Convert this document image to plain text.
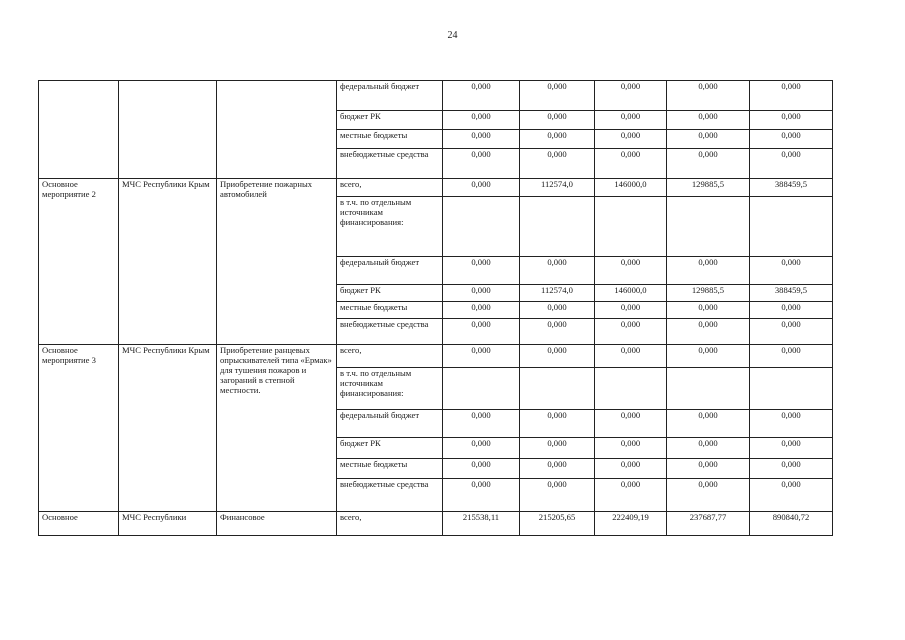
24
			федеральный бюджет	0,000	0,000	0,000	0,000	0,000
			бюджет РК	0,000	0,000	0,000	0,000	0,000
			местные бюджеты	0,000	0,000	0,000	0,000	0,000
			внебюджетные средства	0,000	0,000	0,000	0,000	0,000
Основное мероприятие 2	МЧС Республики Крым	Приобретение пожарных автомобилей	всего,	0,000	112574,0	146000,0	129885,5	388459,5
			в т.ч. по отдельным источникам финансирования:					
			федеральный бюджет	0,000	0,000	0,000	0,000	0,000
			бюджет РК	0,000	112574,0	146000,0	129885,5	388459,5
			местные бюджеты	0,000	0,000	0,000	0,000	0,000
			внебюджетные средства	0,000	0,000	0,000	0,000	0,000
Основное мероприятие 3	МЧС Республики Крым	Приобретение ранцевых опрыскивателей типа «Ермак» для тушения пожаров и загораний в степной местности.	всего,	0,000	0,000	0,000	0,000	0,000
			в т.ч. по отдельным источникам финансирования:					
			федеральный бюджет	0,000	0,000	0,000	0,000	0,000
			бюджет РК	0,000	0,000	0,000	0,000	0,000
			местные бюджеты	0,000	0,000	0,000	0,000	0,000
			внебюджетные средства	0,000	0,000	0,000	0,000	0,000
Основное	МЧС Республики	Финансовое	всего,	215538,11	215205,65	222409,19	237687,77	890840,72
